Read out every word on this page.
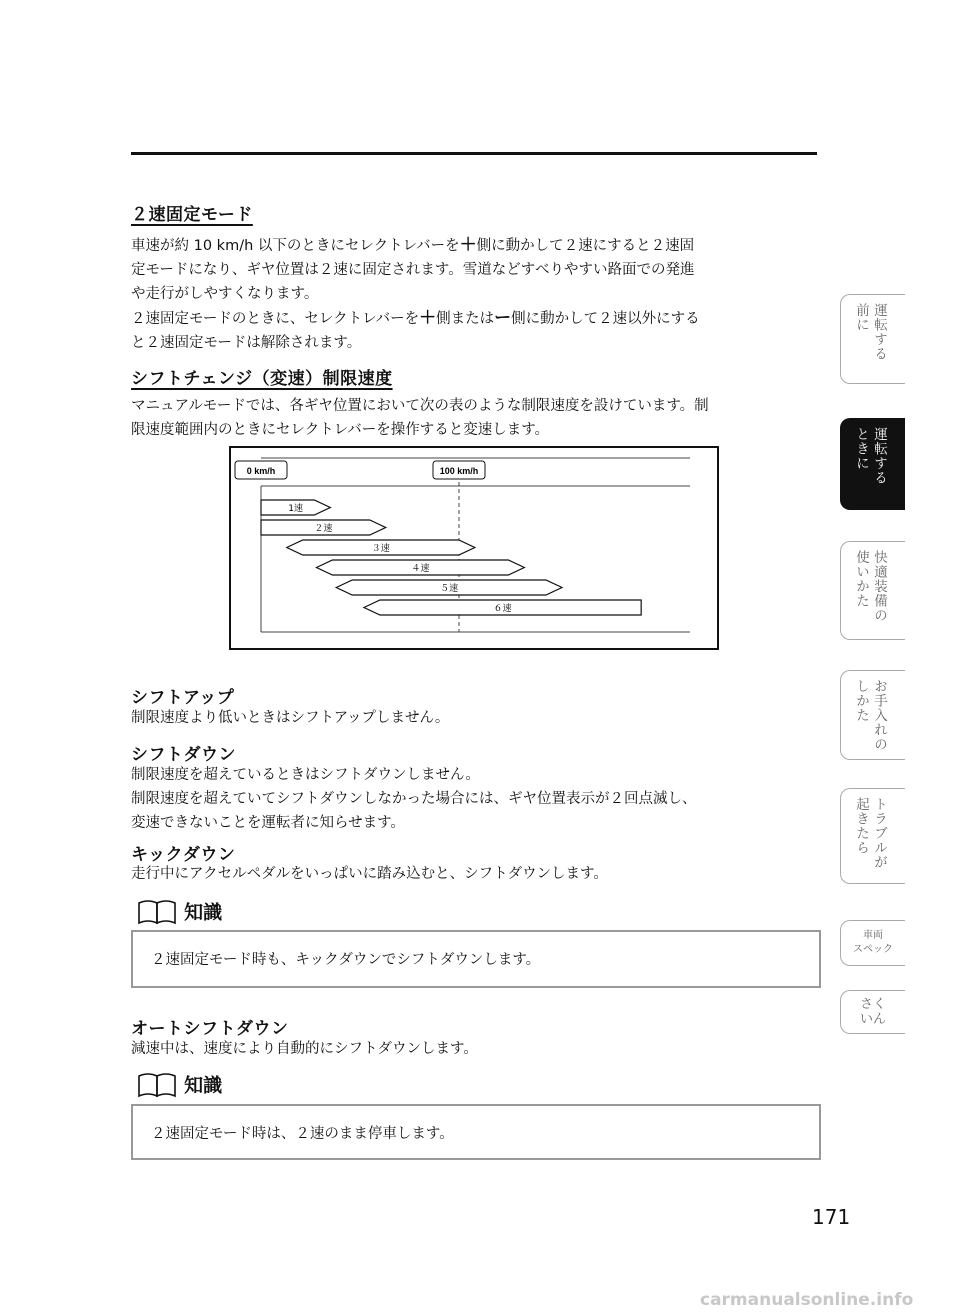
２速固定モード
車速が約 10 km/h 以下のときにセレクトレバーを＋側に動かして２速にすると２速固
定モードになり、ギヤ位置は２速に固定されます。雪道などすべりやすい路面での発進
や走行がしやすくなります。
２速固定モードのときに、セレクトレバーを＋側またはー側に動かして２速以外にする
と２速固定モードは解除されます。
シフトチェンジ（変速）制限速度
マニュアルモードでは、各ギヤ位置において次の表のような制限速度を設けています。制
限速度範囲内のときにセレクトレバーを操作すると変速します。
0 km/h	100 km/h
1速
２速
３速
４速
５速
６速
シフトアップ
制限速度より低いときはシフトアップしません。
シフトダウン
制限速度を超えているときはシフトダウンしません。
制限速度を超えていてシフトダウンしなかった場合には、ギヤ位置表示が２回点滅し、
変速できないことを運転者に知らせます。
キックダウン
走行中にアクセルペダルをいっぱいに踏み込むと、シフトダウンします。
知識
２速固定モード時も、キックダウンでシフトダウンします。
オートシフトダウン
減速中は、速度により自動的にシフトダウンします。
知識
２速固定モード時は、２速のまま停車します。
運転する
前に
運転する
ときに
快適装備の
使いかた
お手入れの
しかた
トラブルが
起きたら
車両
スペック
さく
いん
171
carmanualsonline.info
